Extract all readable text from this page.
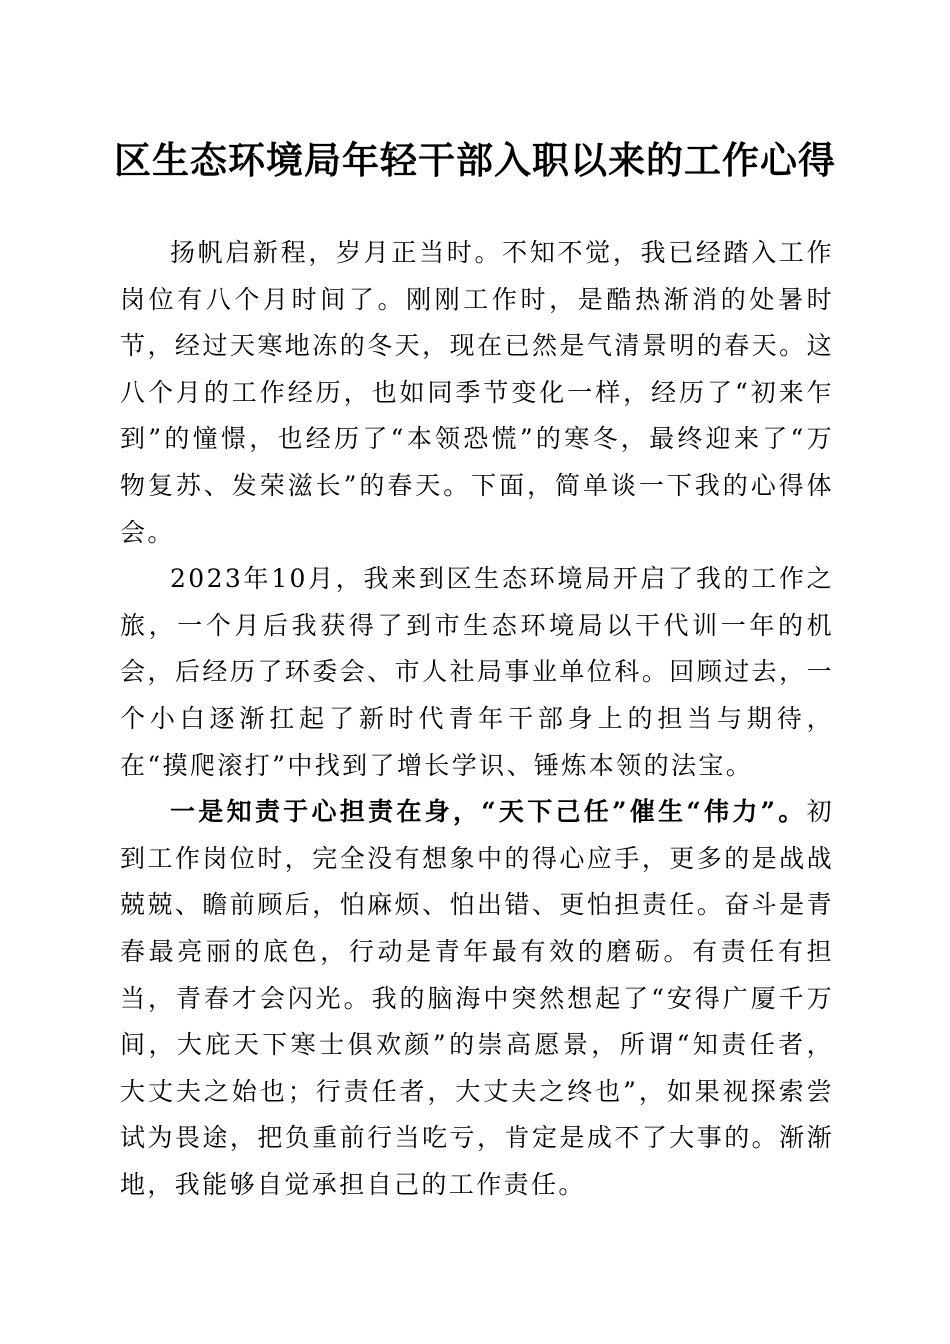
区生态环境局年轻干部入职以来的工作心得

扬帆启新程，岁月正当时。不知不觉，我已经踏入工作岗位有八个月时间了。刚刚工作时，是酷热渐消的处暑时节，经过天寒地冻的冬天，现在已然是气清景明的春天。这八个月的工作经历，也如同季节变化一样，经历了“初来乍到”的憧憬，也经历了“本领恐慌”的寒冬，最终迎来了“万物复苏、发荣滋长”的春天。下面，简单谈一下我的心得体会。

2023年10月，我来到区生态环境局开启了我的工作之旅，一个月后我获得了到市生态环境局以干代训一年的机会，后经历了环委会、市人社局事业单位科。回顾过去，一个小白逐渐扛起了新时代青年干部身上的担当与期待，在“摸爬滚打”中找到了增长学识、锤炼本领的法宝。

一是知责于心担责在身，“天下己任”催生“伟力”。初到工作岗位时，完全没有想象中的得心应手，更多的是战战兢兢、瞻前顾后，怕麻烦、怕出错、更怕担责任。奋斗是青春最亮丽的底色，行动是青年最有效的磨砺。有责任有担当，青春才会闪光。我的脑海中突然想起了“安得广厦千万间，大庇天下寒士俱欢颜”的崇高愿景，所谓“知责任者，大丈夫之始也；行责任者，大丈夫之终也”，如果视探索尝试为畏途，把负重前行当吃亏，肯定是成不了大事的。渐渐地，我能够自觉承担自己的工作责任。
